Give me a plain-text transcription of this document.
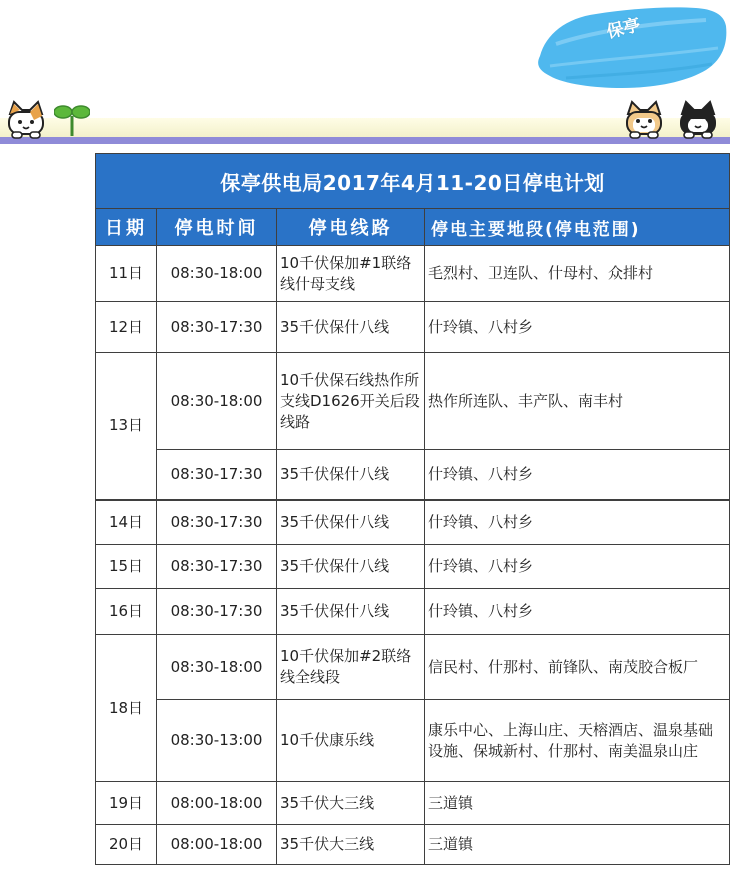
保亭
保亭供电局2017年4月11-20日停电计划			
日期	停电时间	停电线路	停电主要地段(停电范围)
11日	08:30-18:00	10千伏保加#1联络线什母支线	毛烈村、卫连队、什母村、众排村
12日	08:30-17:30	35千伏保什八线	什玲镇、八村乡
13日	08:30-18:00	10千伏保石线热作所支线D1626开关后段线路	热作所连队、丰产队、南丰村
	08:30-17:30	35千伏保什八线	什玲镇、八村乡
14日	08:30-17:30	35千伏保什八线	什玲镇、八村乡
15日	08:30-17:30	35千伏保什八线	什玲镇、八村乡
16日	08:30-17:30	35千伏保什八线	什玲镇、八村乡
18日	08:30-18:00	10千伏保加#2联络线全线段	信民村、什那村、前锋队、南茂胶合板厂
	08:30-13:00	10千伏康乐线	康乐中心、上海山庄、天榕酒店、温泉基础设施、保城新村、什那村、南美温泉山庄
19日	08:00-18:00	35千伏大三线	三道镇
20日	08:00-18:00	35千伏大三线	三道镇
